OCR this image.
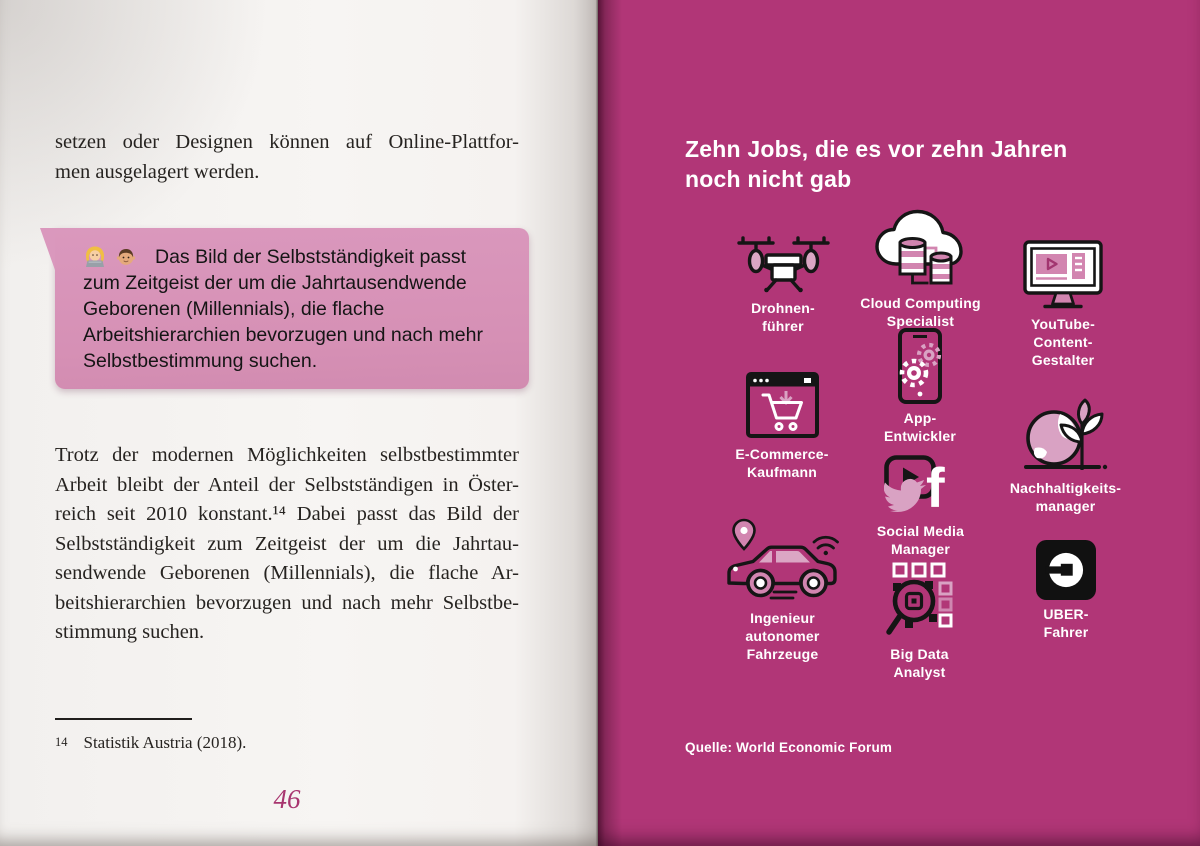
setzen oder Designen können auf Online-Plattfor-
men ausgelagert werden.
Das Bild der Selbstständigkeit passt
zum Zeitgeist der um die Jahrtausendwende
Geborenen (Millennials), die flache
Arbeitshierarchien bevorzugen und nach mehr
Selbstbestimmung suchen.
Trotz der modernen Möglichkeiten selbstbestimmter
Arbeit bleibt der Anteil der Selbstständigen in Öster-
reich seit 2010 konstant.¹⁴ Dabei passt das Bild der
Selbstständigkeit zum Zeitgeist der um die Jahrtau-
sendwende Geborenen (Millennials), die flache Ar-
beitshierarchien bevorzugen und nach mehr Selbstbe-
stimmung suchen.
14 Statistik Austria (2018).
46
Zehn Jobs, die es vor zehn Jahren
noch nicht gab
Drohnen-
führer
Cloud Computing
Specialist	YouTube-
Content-
Gestalter
E-Commerce-
Kaufmann
App-
Entwickler
Nachhaltigkeits-
manager
f
Social Media
Manager
Ingenieur
autonomer
Fahrzeuge	Big Data
Analyst
UBER-
Fahrer
Quelle: World Economic Forum
